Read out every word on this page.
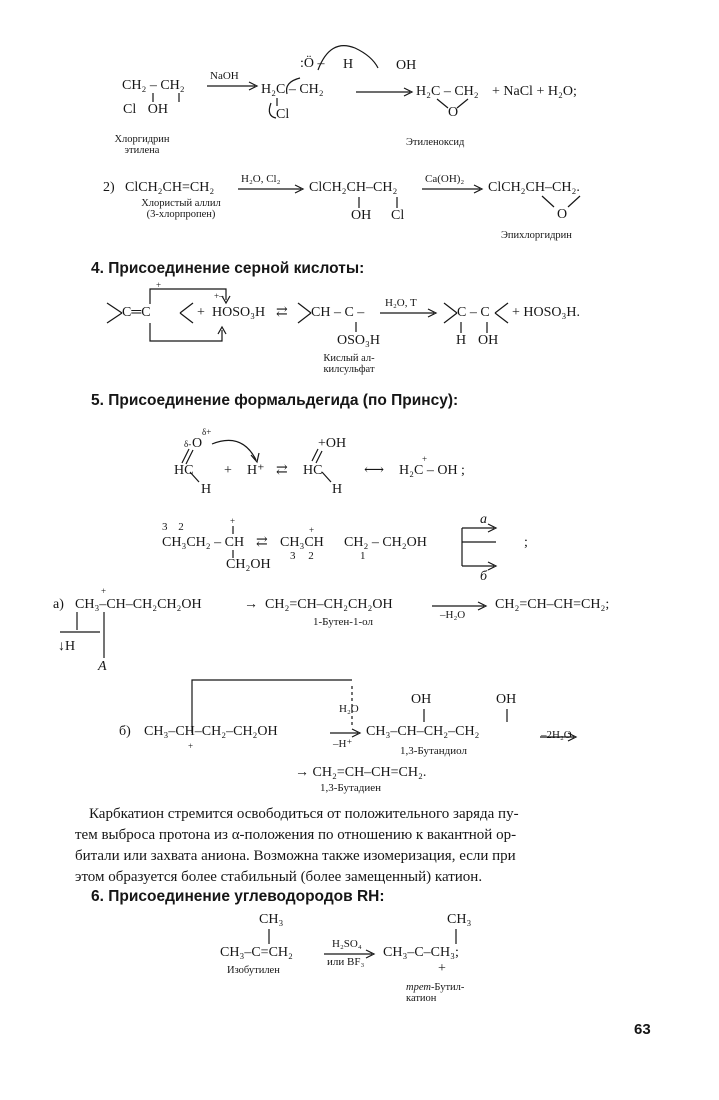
CH₂ – CH₂
Cl OH
NaOH
:Ö – H	OH
H₂C – CH₂
Cl
H₂C – CH₂
O
+ NaCl + H₂O;
Хлоргидрин
этилена
Этиленоксид
2) ClCH₂CH=CH₂
H₂O, Cl₂
ClCH₂CH–CH₂
OH Cl
Ca(OH)₂
ClCH₂CH–CH₂.
O
Хлористый аллил
(3-хлорпропен)
Эпихлоргидрин
4. Присоединение серной кислоты:
C═C
+
+–
+ HOSO₃H ⇄ CH – C –
OSO₃H
H₂O, T
C – C
H OH
+ HOSO₃H.
Кислый ал-
килсульфат
5. Присоединение формальдегида (по Принсу):
δ-
δ+
O
HC
H
+ H⁺ ⇄
+OH
HC
H
⟷
+
H₂C – OH ;
3 2	+
CH₃CH₂ – CH
CH₂OH
⇄
+
CH₃CH
3 2
CH₂ – CH₂OH
1
а
б
;
а)
+
CH₃–CH–CH₂CH₂OH	→ CH₂=CH–CH₂CH₂OH
1-Бутен-1-ол
–H₂O
CH₂=CH–CH=CH₂;
↓H
A
H₂O
OH	OH
б) CH₃–CH–CH₂–CH₂OH
+	–H⁺
CH₃–CH–CH₂–CH₂	–2H₂O
1,3-Бутандиол
→ CH₂=CH–CH=CH₂.
1,3-Бутадиен
Карбкатион стремится освободиться от положительного заряда пу-
тем выброса протона из α-положения по отношению к вакантной ор-
битали или захвата аниона. Возможна также изомеризация, если при
этом образуется более стабильный (более замещенный) катион.
6. Присоединение углеводородов RH:
CH₃
CH₃–C=CH₂
H₂SO₄
или BF₃
CH₃
CH₃–C–CH₃;
+
Изобутилен
трет-Бутил-
катион
63
